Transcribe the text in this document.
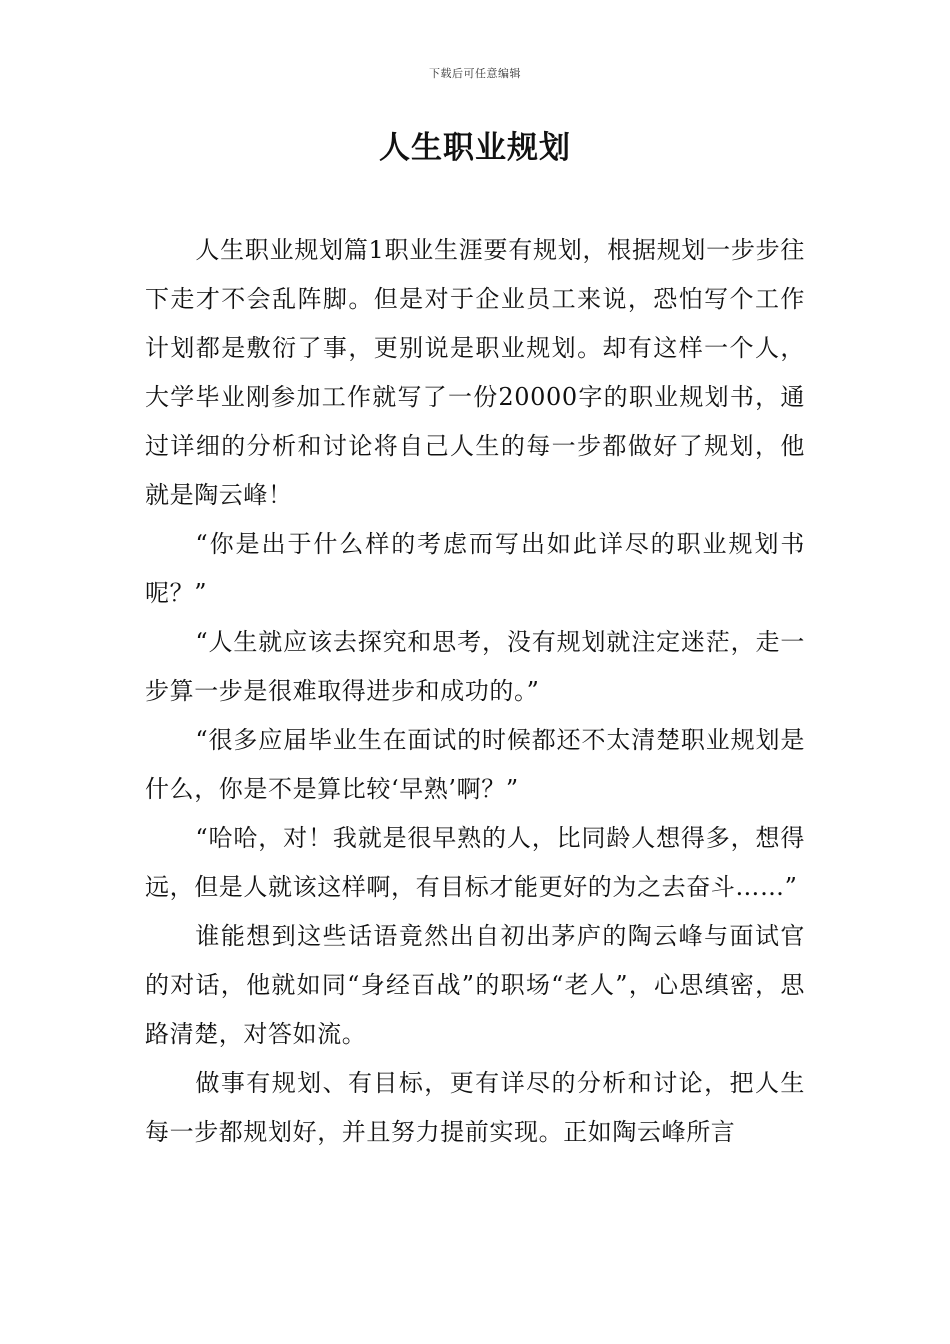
下载后可任意编辑
人生职业规划

人生职业规划篇1职业生涯要有规划，根据规划一步步往下走才不会乱阵脚。但是对于企业员工来说，恐怕写个工作计划都是敷衍了事，更别说是职业规划。却有这样一个人，大学毕业刚参加工作就写了一份20000字的职业规划书，通过详细的分析和讨论将自己人生的每一步都做好了规划，他就是陶云峰！

“你是出于什么样的考虑而写出如此详尽的职业规划书呢？”

“人生就应该去探究和思考，没有规划就注定迷茫，走一步算一步是很难取得进步和成功的。”

“很多应届毕业生在面试的时候都还不太清楚职业规划是什么，你是不是算比较‘早熟’啊？”

“哈哈，对！我就是很早熟的人，比同龄人想得多，想得远，但是人就该这样啊，有目标才能更好的为之去奋斗……”

谁能想到这些话语竟然出自初出茅庐的陶云峰与面试官的对话，他就如同“身经百战”的职场“老人”，心思缜密，思路清楚，对答如流。

做事有规划、有目标，更有详尽的分析和讨论，把人生每一步都规划好，并且努力提前实现。正如陶云峰所言
